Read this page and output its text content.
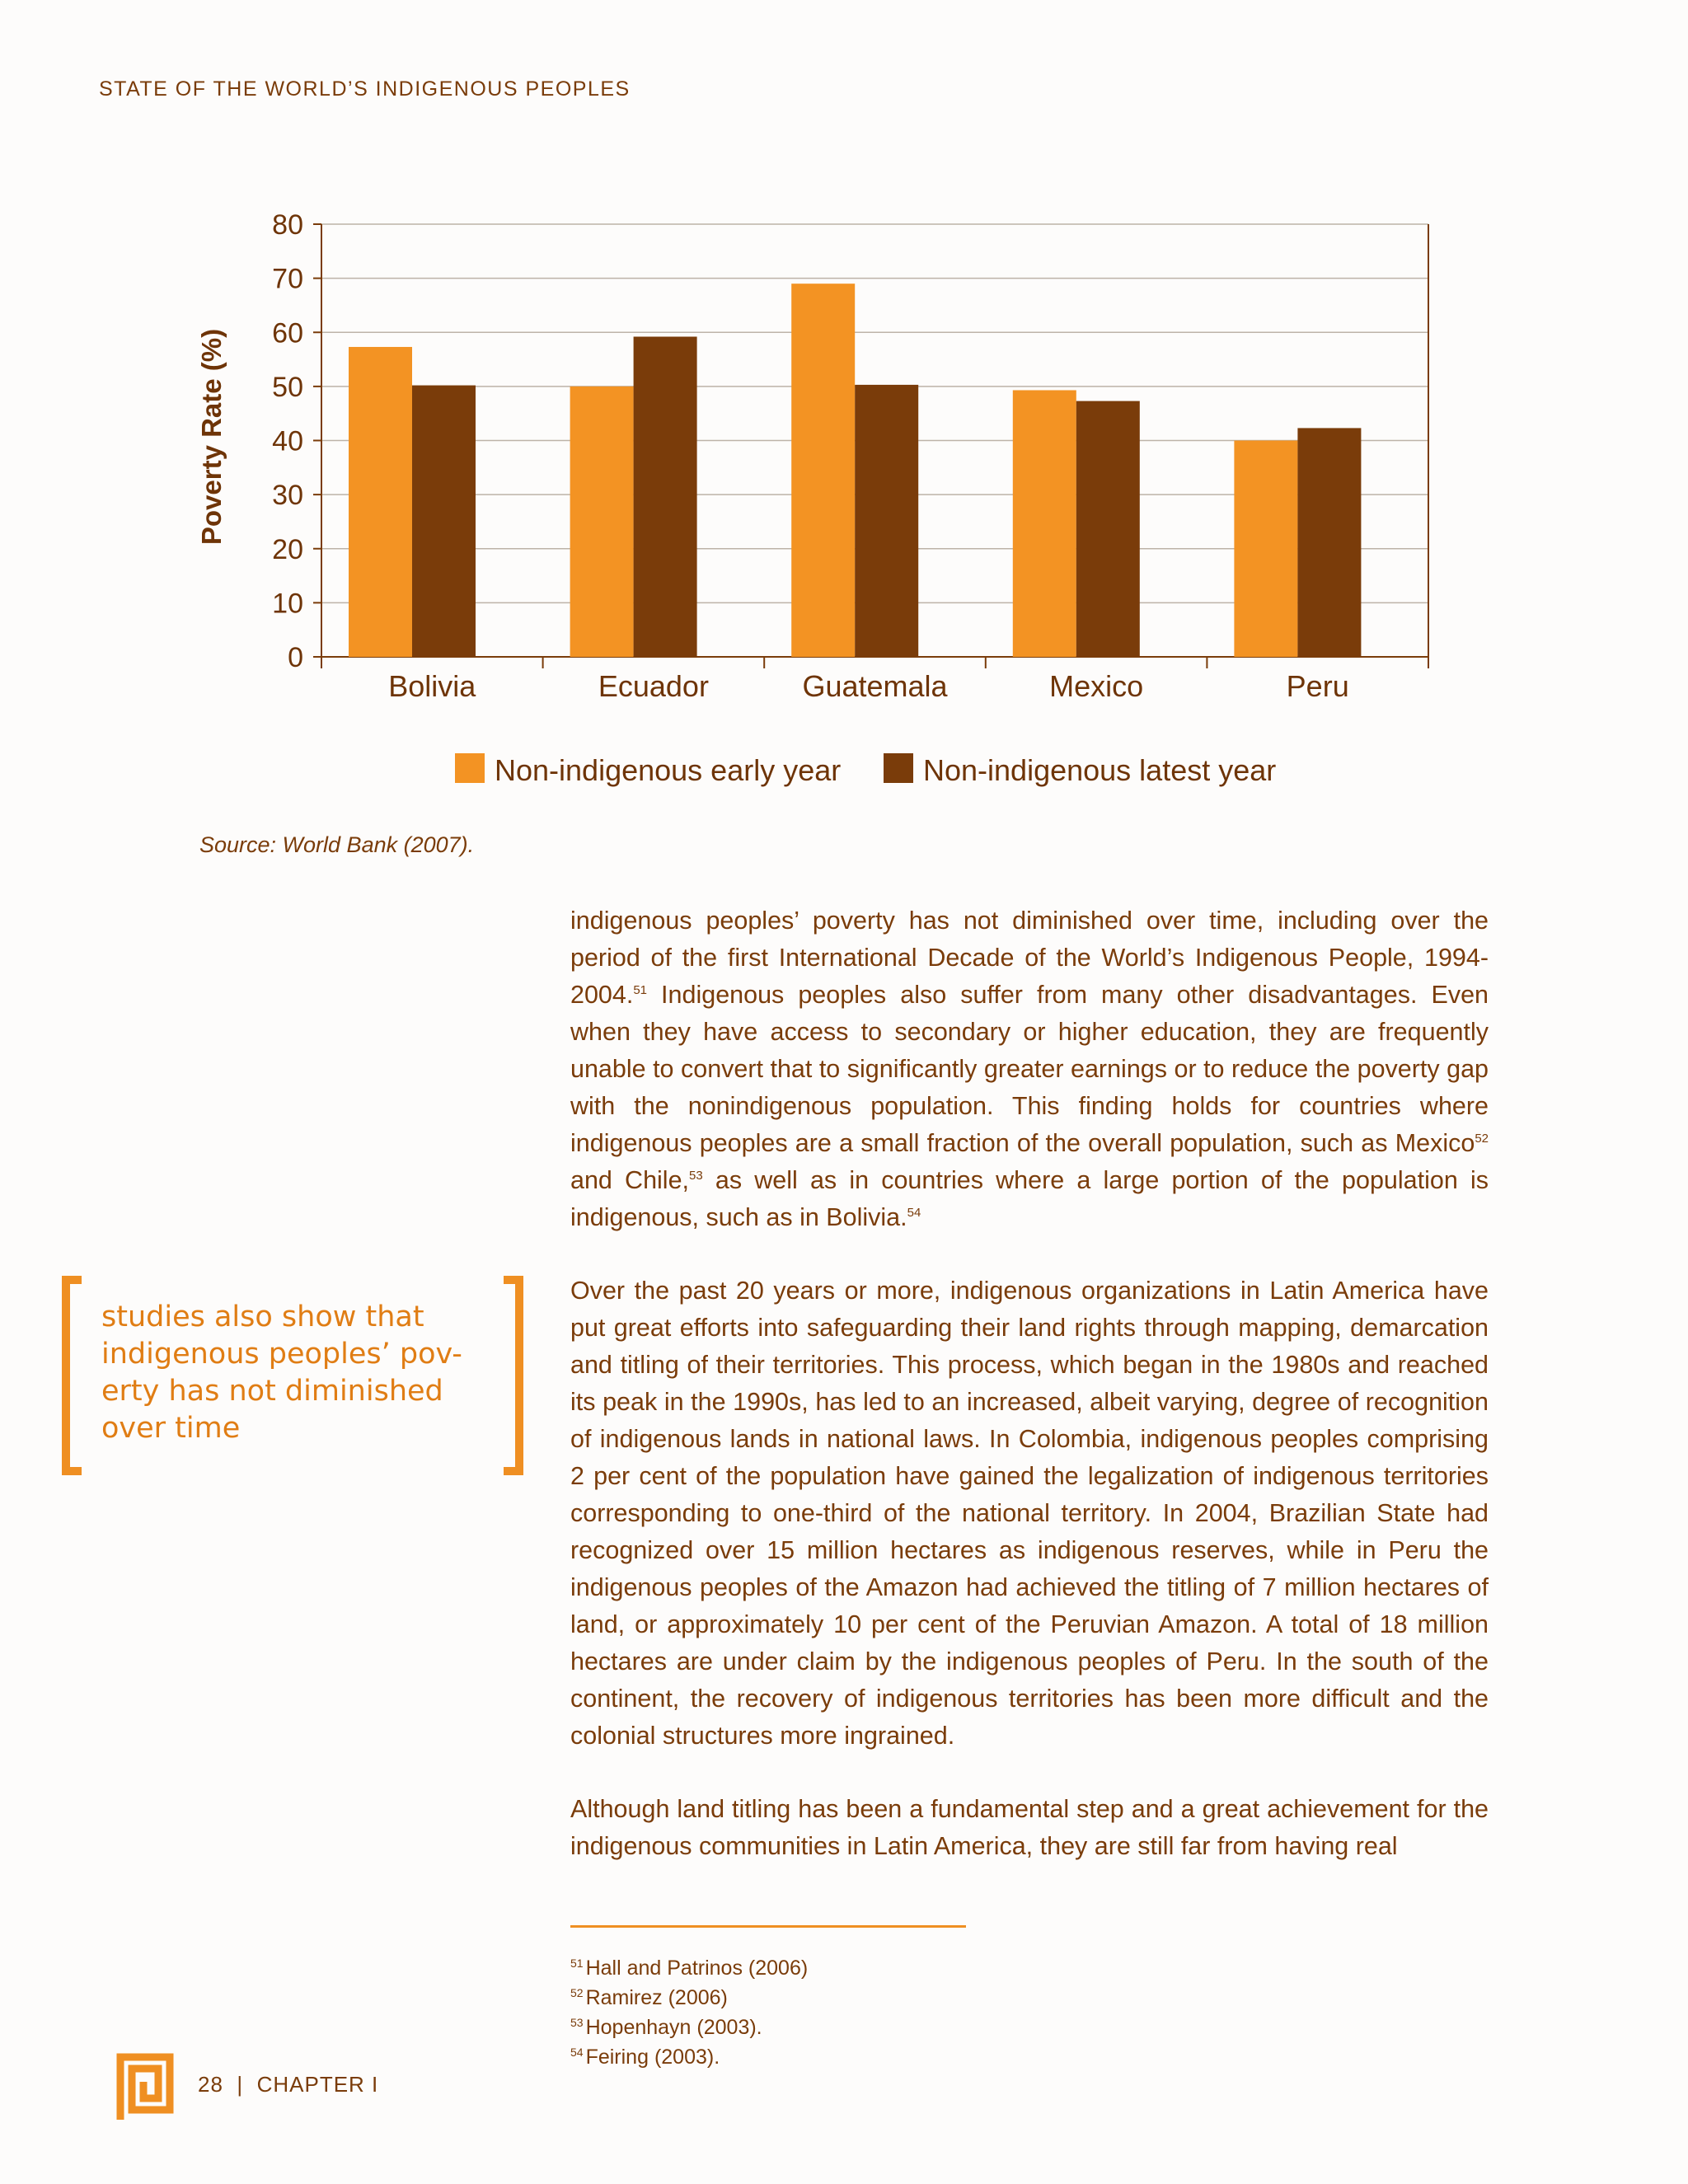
STATE OF THE WORLD’S INDIGENOUS PEOPLES
0
10
20
30
40
50
60
70
80
Bolivia	Ecuador	Guatemala	Mexico	Peru
Poverty Rate (%)
Non-indigenous early year	Non-indigenous latest year
Source: World Bank (2007).

indigenous peoples’ poverty has not diminished over time, including over the period of the first International Decade of the World’s Indigenous People, 1994-2004.51 Indigenous peoples also suffer from many other disadvantages. Even when they have access to secondary or higher education, they are frequently unable to convert that to significantly greater earnings or to reduce the poverty gap with the nonindigenous population. This finding holds for countries where indigenous peoples are a small fraction of the overall population, such as Mexico$^{52}$ and Chile,$^{53}$ as well as in countries where a large portion of the population is indigenous, such as in Bolivia.$^{54}$

Over the past 20 years or more, indigenous organizations in Latin America have put great efforts into safeguarding their land rights through mapping, demarcation and titling of their territories. This process, which began in the 1980s and reached its peak in the 1990s, has led to an increased, albeit varying, degree of recognition of indigenous lands in national laws. In Colombia, indigenous peoples comprising 2 per cent of the population have gained the legalization of indigenous territories corresponding to one-third of the national territory. In 2004, Brazilian State had recognized over 15 million hectares as indigenous reserves, while in Peru the indigenous peoples of the Amazon had achieved the titling of 7 million hectares of land, or approximately 10 per cent of the Peruvian Amazon. A total of 18 million hectares are under claim by the indigenous peoples of Peru. In the south of the continent, the recovery of indigenous territories has been more difficult and the colonial structures more ingrained.

Although land titling has been a fundamental step and a great achievement for the indigenous communities in Latin America, they are still far from having real

studies also show that indigenous peoples’ pov-erty has not diminished over time
$^{51}$ Hall and Patrinos (2006)
$^{52}$ Ramirez (2006)
$^{53}$ Hopenhayn (2003).
$^{54}$ Feiring (2003).
28 | CHAPTER I
